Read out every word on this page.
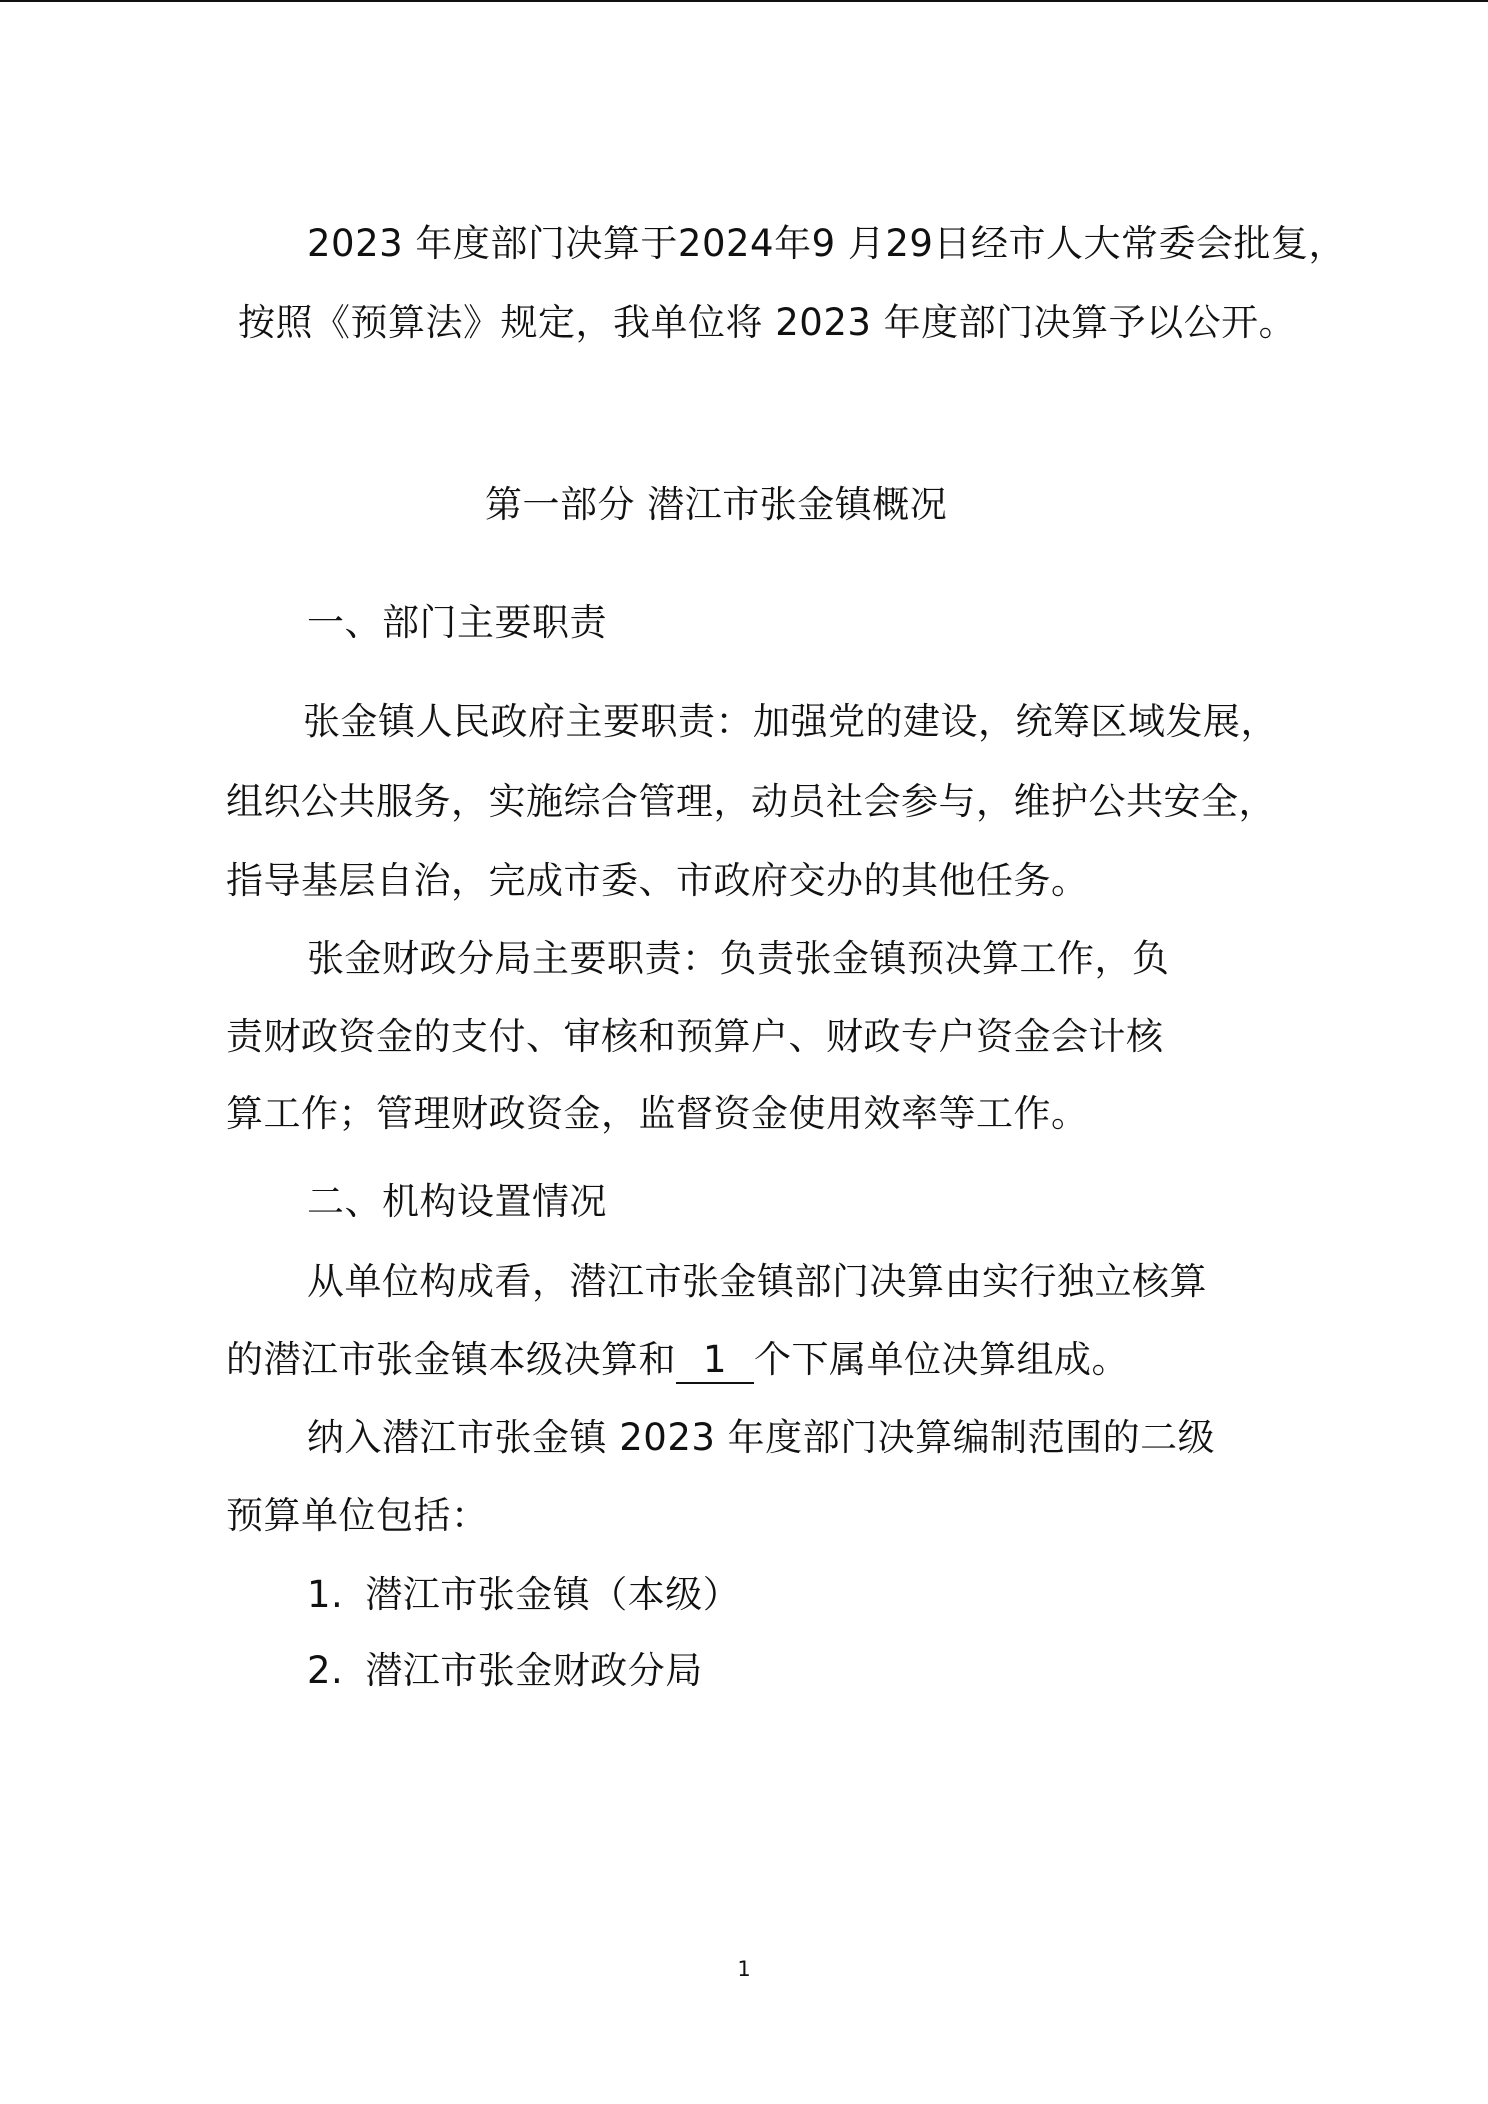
2023 年度部门决算于2024年9 月29日经市人大常委会批复，
按照《预算法》规定，我单位将 2023 年度部门决算予以公开。
第一部分 潜江市张金镇概况
一、部门主要职责
张金镇人民政府主要职责：加强党的建设，统筹区域发展，
组织公共服务，实施综合管理，动员社会参与，维护公共安全，
指导基层自治，完成市委、市政府交办的其他任务。
张金财政分局主要职责：负责张金镇预决算工作，负
责财政资金的支付、审核和预算户、财政专户资金会计核
算工作；管理财政资金，监督资金使用效率等工作。
二、机构设置情况
从单位构成看，潜江市张金镇部门决算由实行独立核算
的潜江市张金镇本级决算和 1 个下属单位决算组成。
纳入潜江市张金镇 2023 年度部门决算编制范围的二级
预算单位包括：
1. 潜江市张金镇（本级）
2. 潜江市张金财政分局
1
